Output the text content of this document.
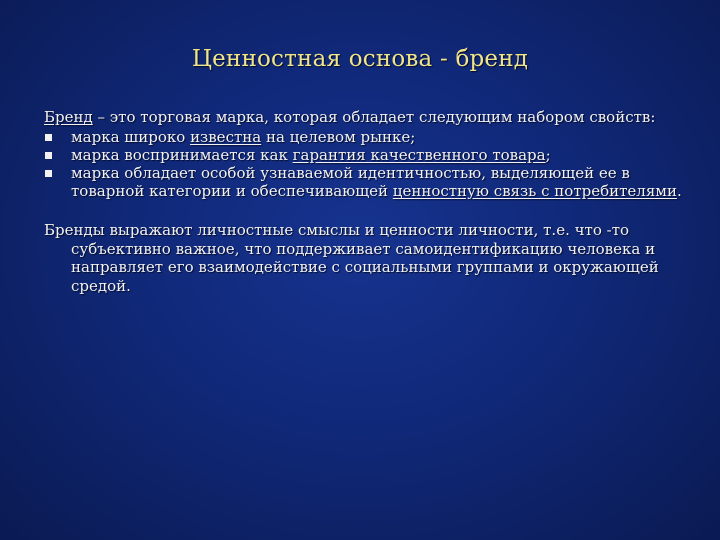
Ценностная основа - бренд

Бренд – это торговая марка, которая обладает следующим набором свойств:

марка широко известна на целевом рынке;
марка воспринимается как гарантия качественного товара;
марка обладает особой узнаваемой идентичностью, выделяющей ее в товарной категории и обеспечивающей ценностную связь с потребителями.

Бренды выражают личностные смыслы и ценности личности, т.е. что -то субъективно важное, что поддерживает самоидентификацию человека и направляет его взаимодействие с социальными группами и окружающей средой.
